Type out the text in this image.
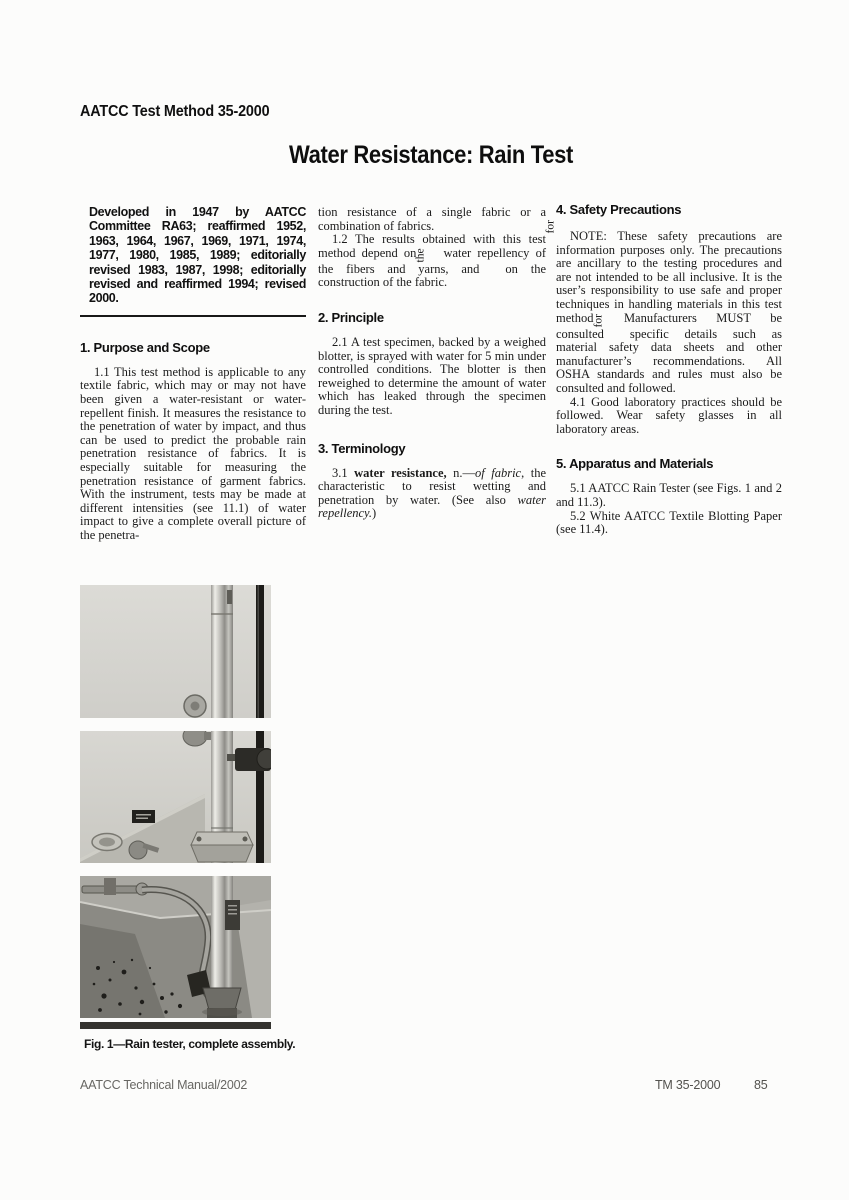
AATCC Test Method 35-2000
Water Resistance: Rain Test

Developed in 1947 by AATCC Committee RA63; reaffirmed 1952, 1963, 1964, 1967, 1969, 1971, 1974, 1977, 1980, 1985, 1989; editorially revised 1983, 1987, 1998; editorially revised and reaffirmed 1994; revised 2000.

1. Purpose and Scope

1.1 This test method is applicable to any textile fabric, which may or may not have been given a water-resistant or water-repellent finish. It measures the resistance to the penetration of water by impact, and thus can be used to predict the probable rain penetration resistance of fabrics. It is especially suitable for measuring the penetration resistance of garment fabrics. With the instrument, tests may be made at different intensities (see 11.1) of water impact to give a complete overall picture of the penetra-

tion resistance of a single fabric or a combination of fabrics.

1.2 The results obtained with this test method depend onthe water repellency of the fibers and yarns, and on the construction of the fabric.

2. Principle

2.1 A test specimen, backed by a weighed blotter, is sprayed with water for 5 min under controlled conditions. The blotter is then reweighed to determine the amount of water which has leaked through the specimen during the test.

3. Terminology

3.1 water resistance, n.—of fabric, the characteristic to resist wetting and penetration by water. (See also water repellency.)

4. Safety Precautions

for
NOTE: These safety precautions are information purposes only. The precautions are ancillary to the testing procedures and are not intended to be all inclusive. It is the user’s responsibility to use safe and proper techniques in handling materials in this test methodfor Manufacturers MUST be consulted specific details such as material safety data sheets and other manufacturer’s recommendations. All OSHA standards and rules must also be consulted and followed.

4.1 Good laboratory practices should be followed. Wear safety glasses in all laboratory areas.

5. Apparatus and Materials

5.1 AATCC Rain Tester (see Figs. 1 and 2 and 11.3).

5.2 White AATCC Textile Blotting Paper (see 11.4).

Fig. 1—Rain tester, complete assembly.
AATCC Technical Manual/2002	TM 35-2000	85
